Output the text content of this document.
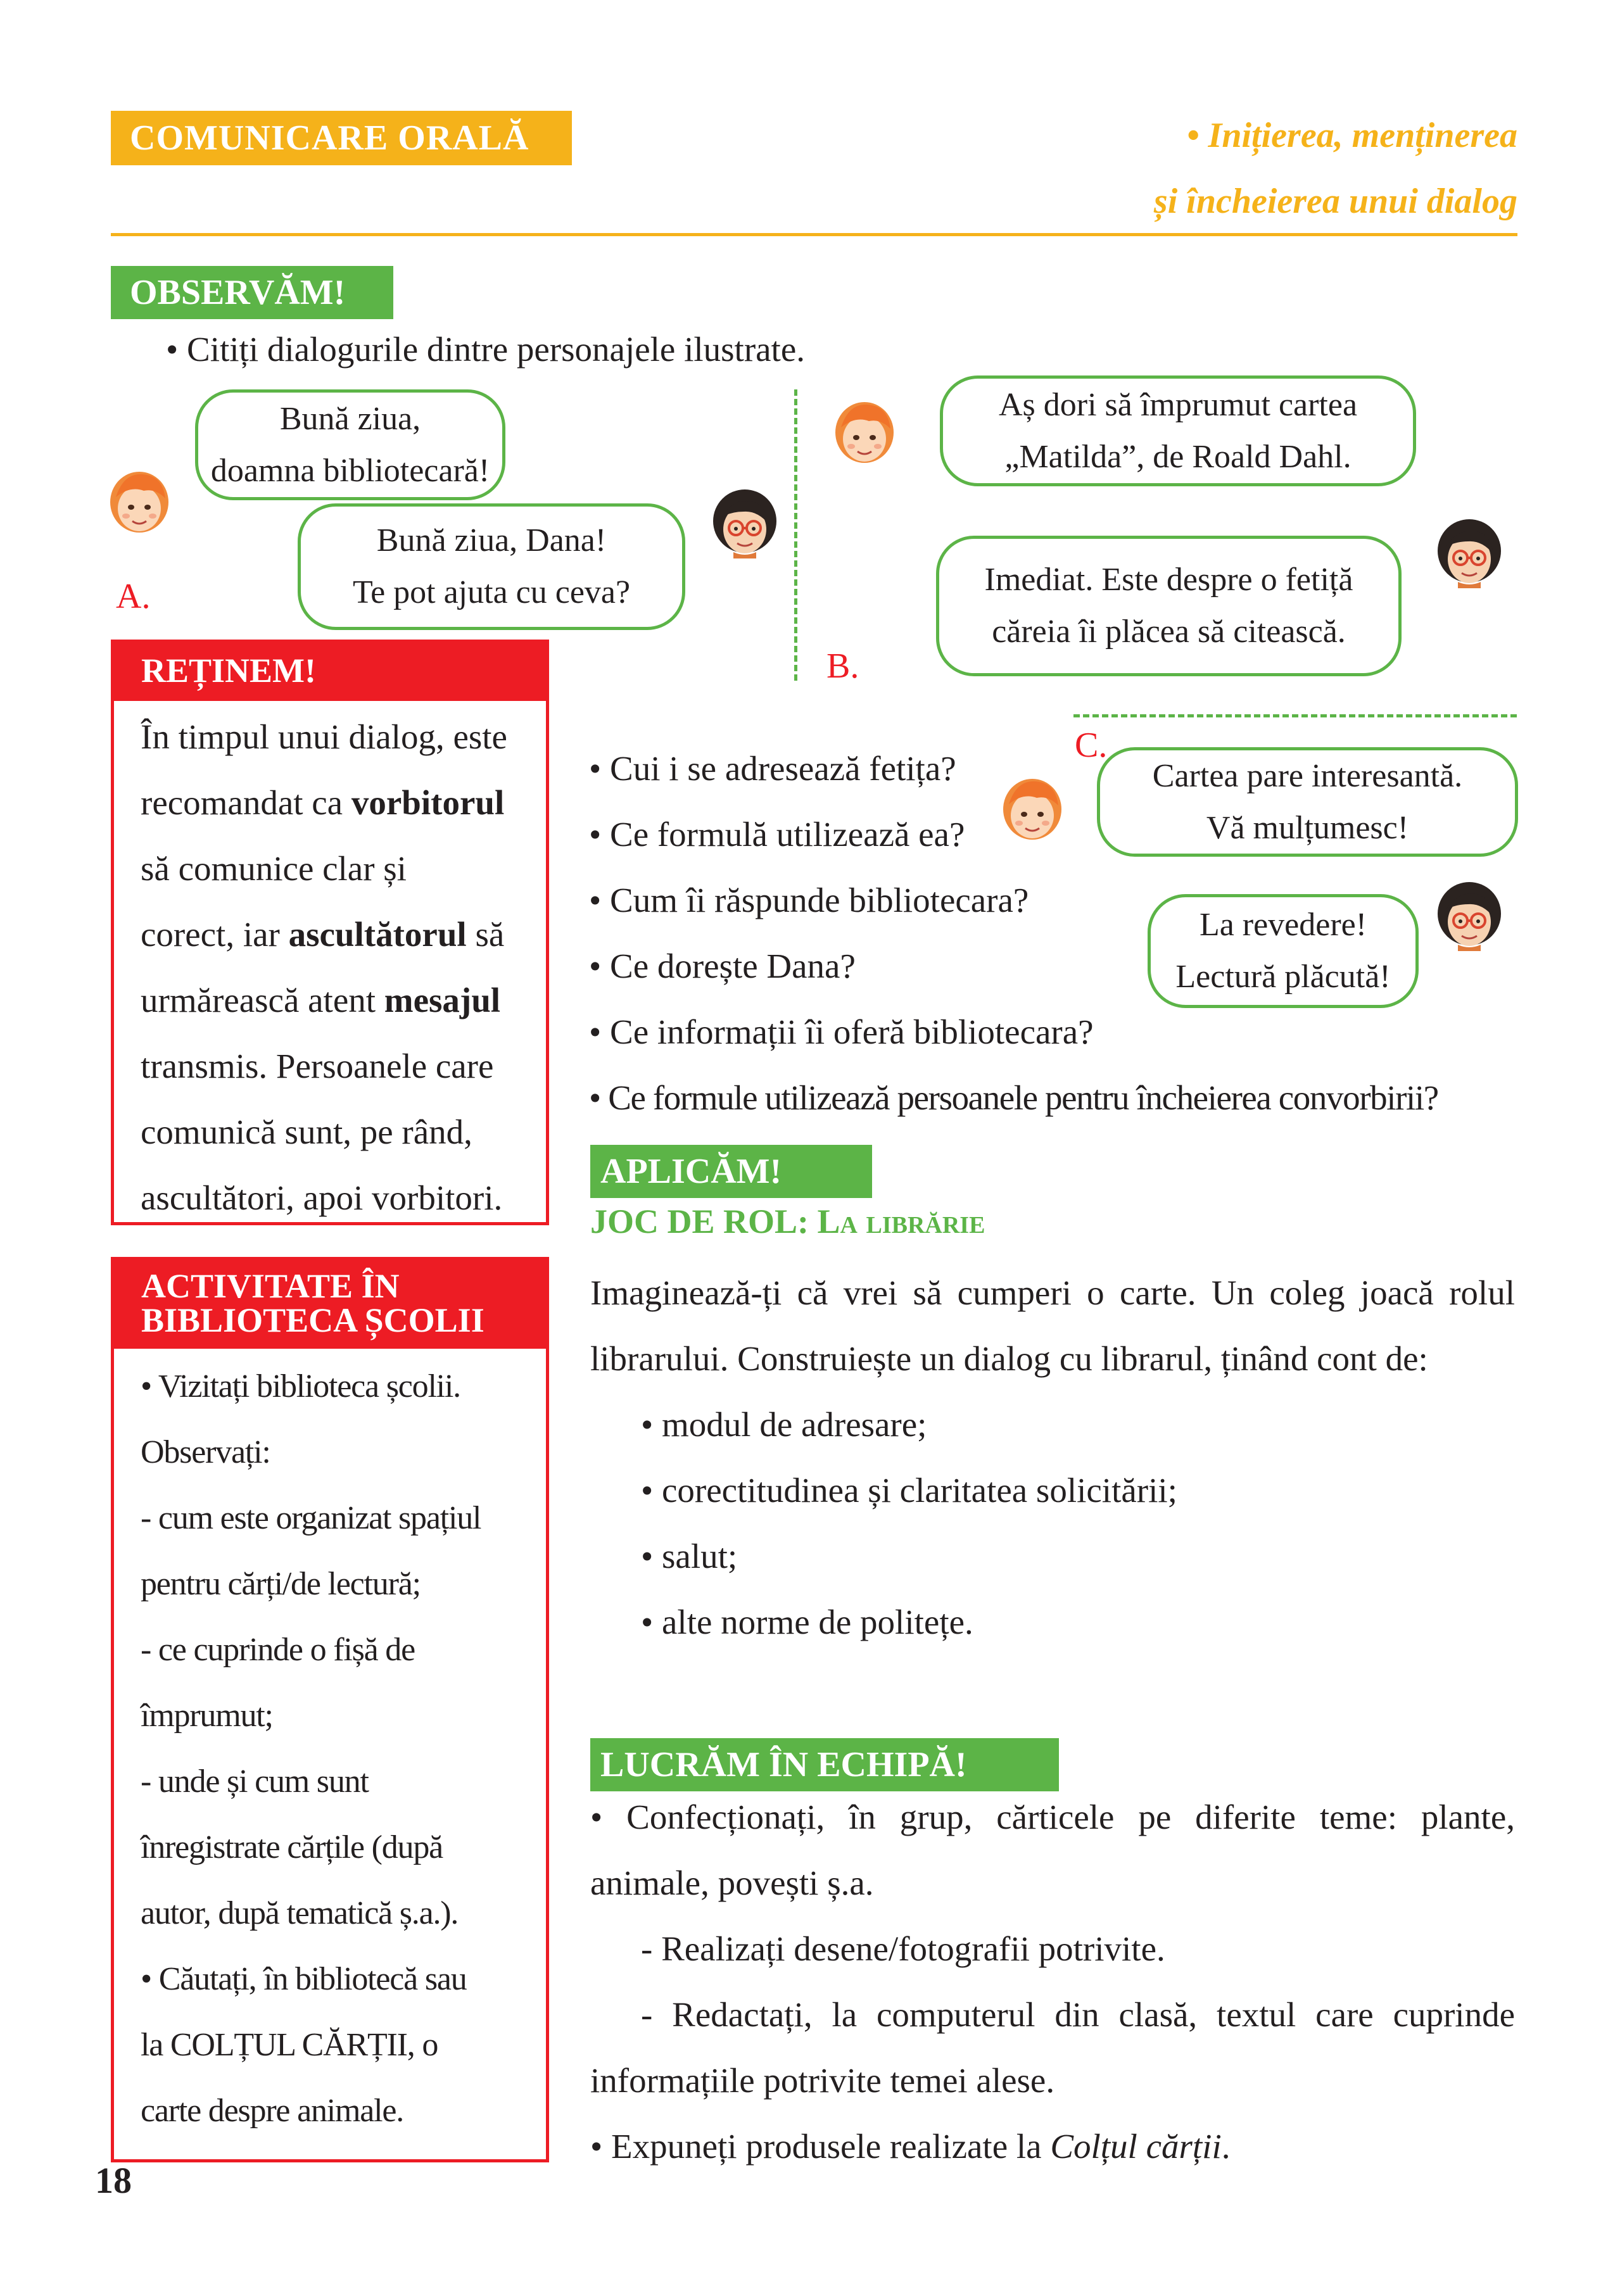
COMUNICARE ORALĂ	• Inițierea, menținerea
și încheierea unui dialog
OBSERVĂM!
• Citiți dialogurile dintre personajele ilustrate.
Bună ziua,
doamna bibliotecară!
Bună ziua, Dana!
Te pot ajuta cu ceva?
A.
Aș dori să împrumut cartea
„Matilda”, de Roald Dahl.
Imediat. Este despre o fetiță
căreia îi plăcea să citească.
B.
C.
Cartea pare interesantă.
Vă mulțumesc!
La revedere!
Lectură plăcută!
REȚINEM!
În timpul unui dialog, este
recomandat ca vorbitorul
să comunice clar și
corect, iar ascultătorul să
urmărească atent mesajul
transmis. Persoanele care
comunică sunt, pe rând,
ascultători, apoi vorbitori.
• Cui i se adresează fetița?
• Ce formulă utilizează ea?
• Cum îi răspunde bibliotecara?
• Ce dorește Dana?
• Ce informații îi oferă bibliotecara?
• Ce formule utilizează persoanele pentru încheierea convorbirii?
ACTIVITATE ÎN
BIBLIOTECA ȘCOLII
• Vizitați biblioteca școlii.
Observați:
- cum este organizat spațiul
pentru cărți/de lectură;
- ce cuprinde o fișă de
împrumut;
- unde și cum sunt
înregistrate cărțile (după
autor, după tematică ș.a.).
• Căutați, în bibliotecă sau
la COLȚUL CĂRȚII, o
carte despre animale.
APLICĂM!
JOC DE ROL: La librărie
Imaginează-ți că vrei să cumperi o carte. Un coleg joacă rolul
librarului. Construiește un dialog cu librarul, ținând cont de:
• modul de adresare;
• corectitudinea și claritatea solicitării;
• salut;
• alte norme de politețe.
LUCRĂM ÎN ECHIPĂ!
• Confecționați, în grup, cărticele pe diferite teme: plante,
animale, povești ș.a.
- Realizați desene/fotografii potrivite.
- Redactați, la computerul din clasă, textul care cuprinde
informațiile potrivite temei alese.
• Expuneți produsele realizate la Colțul cărții.
18
